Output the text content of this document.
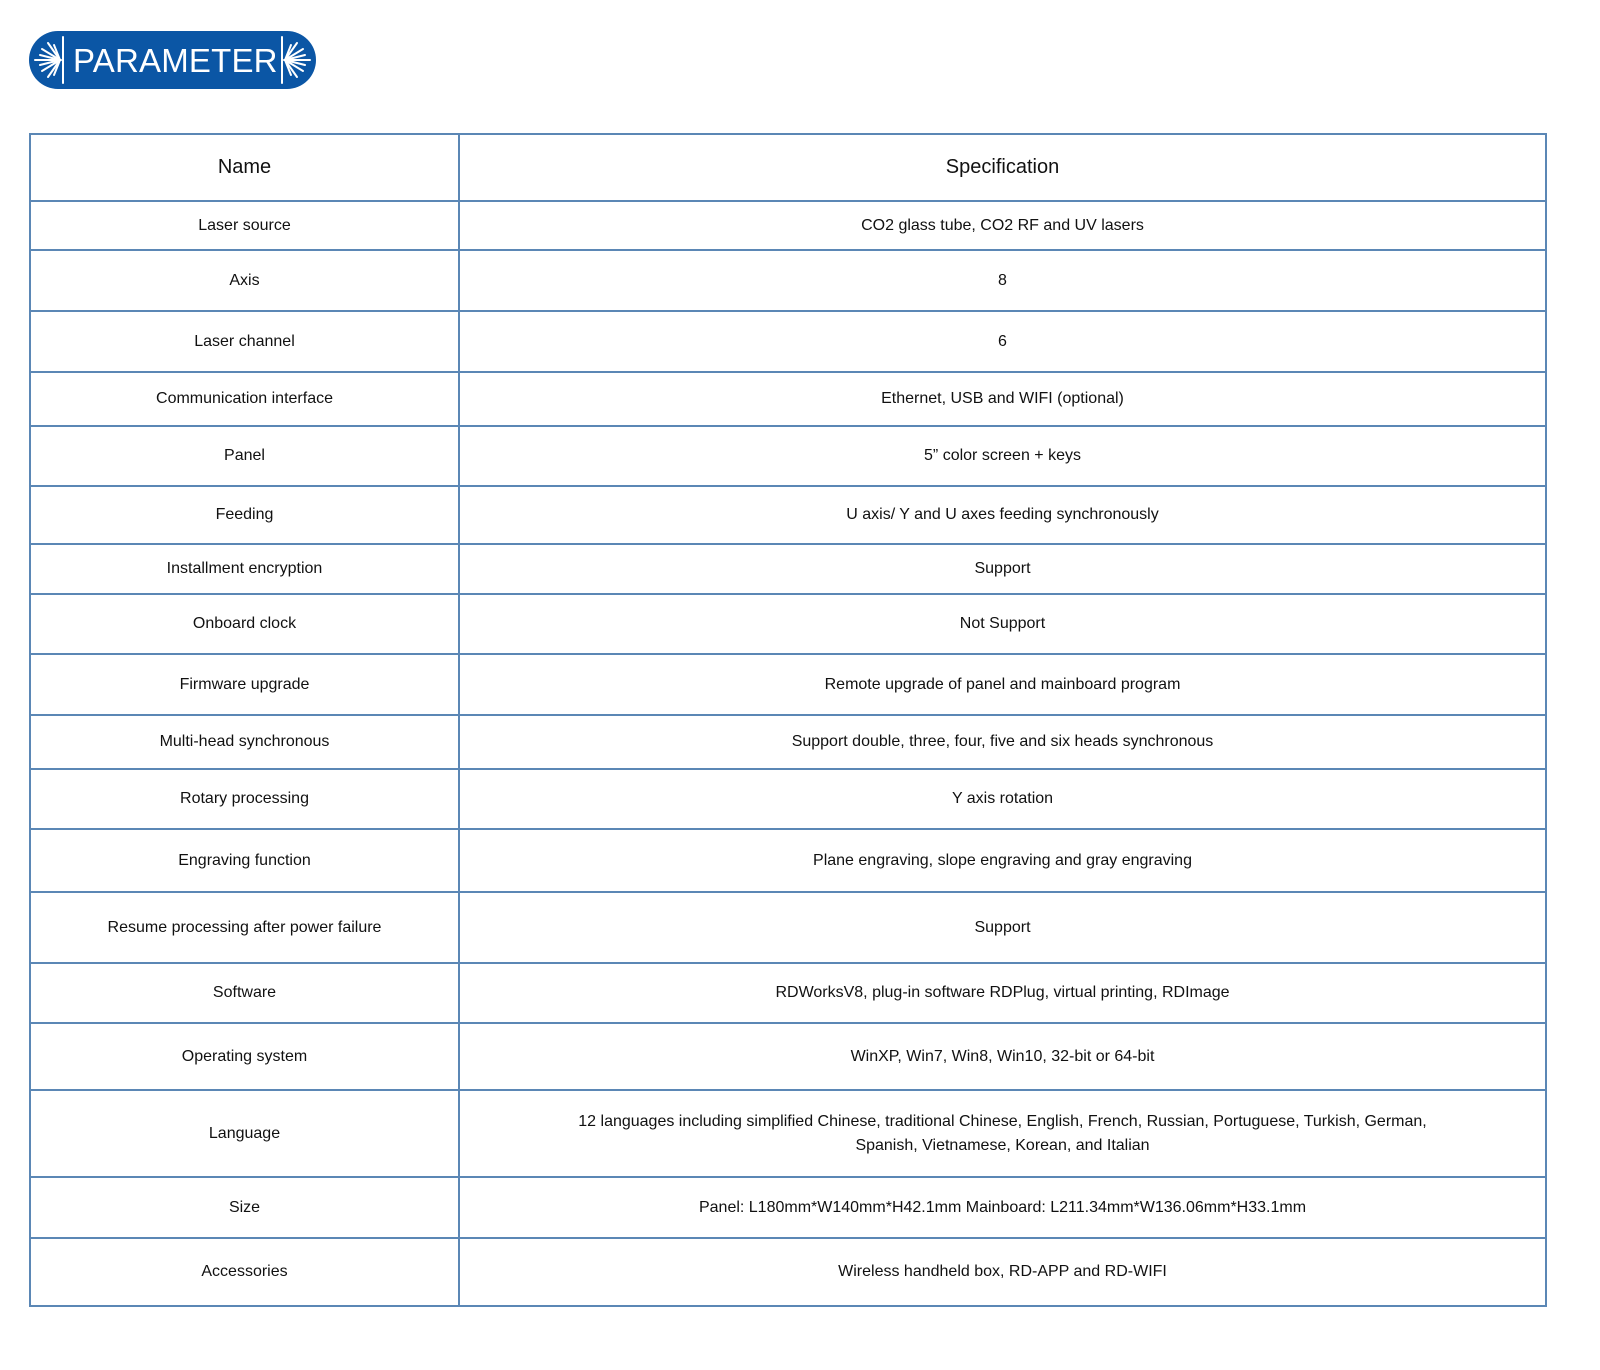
PARAMETER
Name	Specification
Laser source	CO2 glass tube, CO2 RF and UV lasers
Axis	8
Laser channel	6
Communication interface	Ethernet, USB and WIFI (optional)
Panel	5” color screen + keys
Feeding	U axis/ Y and U axes feeding synchronously
Installment encryption	Support
Onboard clock	Not Support
Firmware upgrade	Remote upgrade of panel and mainboard program
Multi-head synchronous	Support double, three, four, five and six heads synchronous
Rotary processing	Y axis rotation
Engraving function	Plane engraving, slope engraving and gray engraving
Resume processing after power failure	Support
Software	RDWorksV8, plug-in software RDPlug, virtual printing, RDImage
Operating system	WinXP, Win7, Win8, Win10, 32-bit or 64-bit
Language	12 languages including simplified Chinese, traditional Chinese, English, French, Russian, Portuguese, Turkish, German, Spanish, Vietnamese, Korean, and Italian
Size	Panel: L180mm*W140mm*H42.1mm Mainboard: L211.34mm*W136.06mm*H33.1mm
Accessories	Wireless handheld box, RD-APP and RD-WIFI
